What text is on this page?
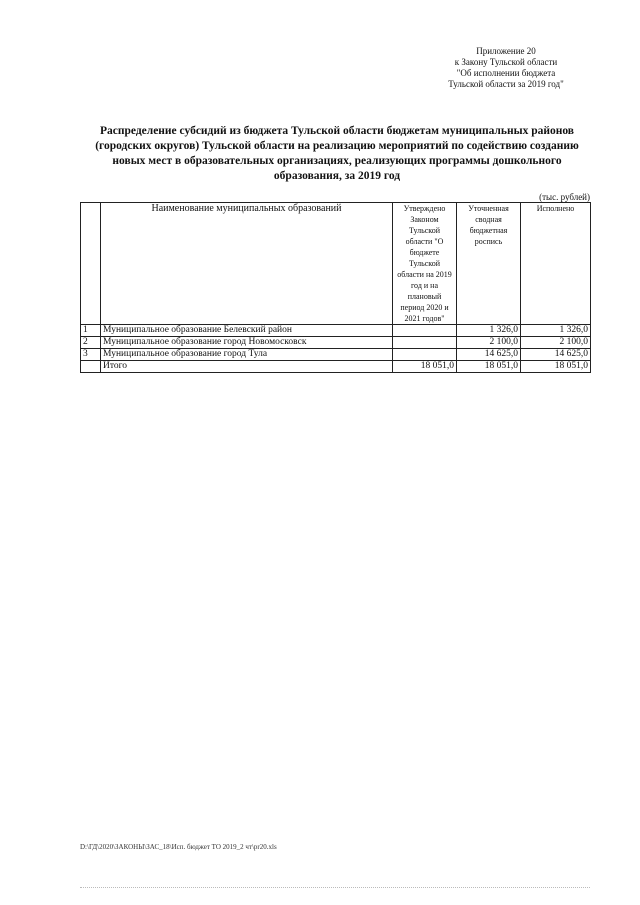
Приложение 20
к Закону Тульской области
"Об исполнении бюджета
Тульской области за 2019 год"
Распределение субсидий из бюджета Тульской области бюджетам муниципальных районов (городских округов) Тульской области на реализацию мероприятий по содействию созданию новых мест в образовательных организациях, реализующих программы дошкольного образования, за 2019 год
(тыс. рублей)
	Наименование муниципальных образований	Утверждено Законом Тульской области "О бюджете Тульской области на 2019 год и на плановый период 2020 и 2021 годов"	Уточненная сводная бюджетная роспись	Исполнено
1	Муниципальное образование Белевский район		1 326,0	1 326,0
2	Муниципальное образование город Новомосковск		2 100,0	2 100,0
3	Муниципальное образование город Тула		14 625,0	14 625,0
	Итого	18 051,0	18 051,0	18 051,0
D:\ГД\2020\ЗАКОНЫ\ЗАС_18\Исп. бюджет ТО 2019_2 чт\pr20.xls
